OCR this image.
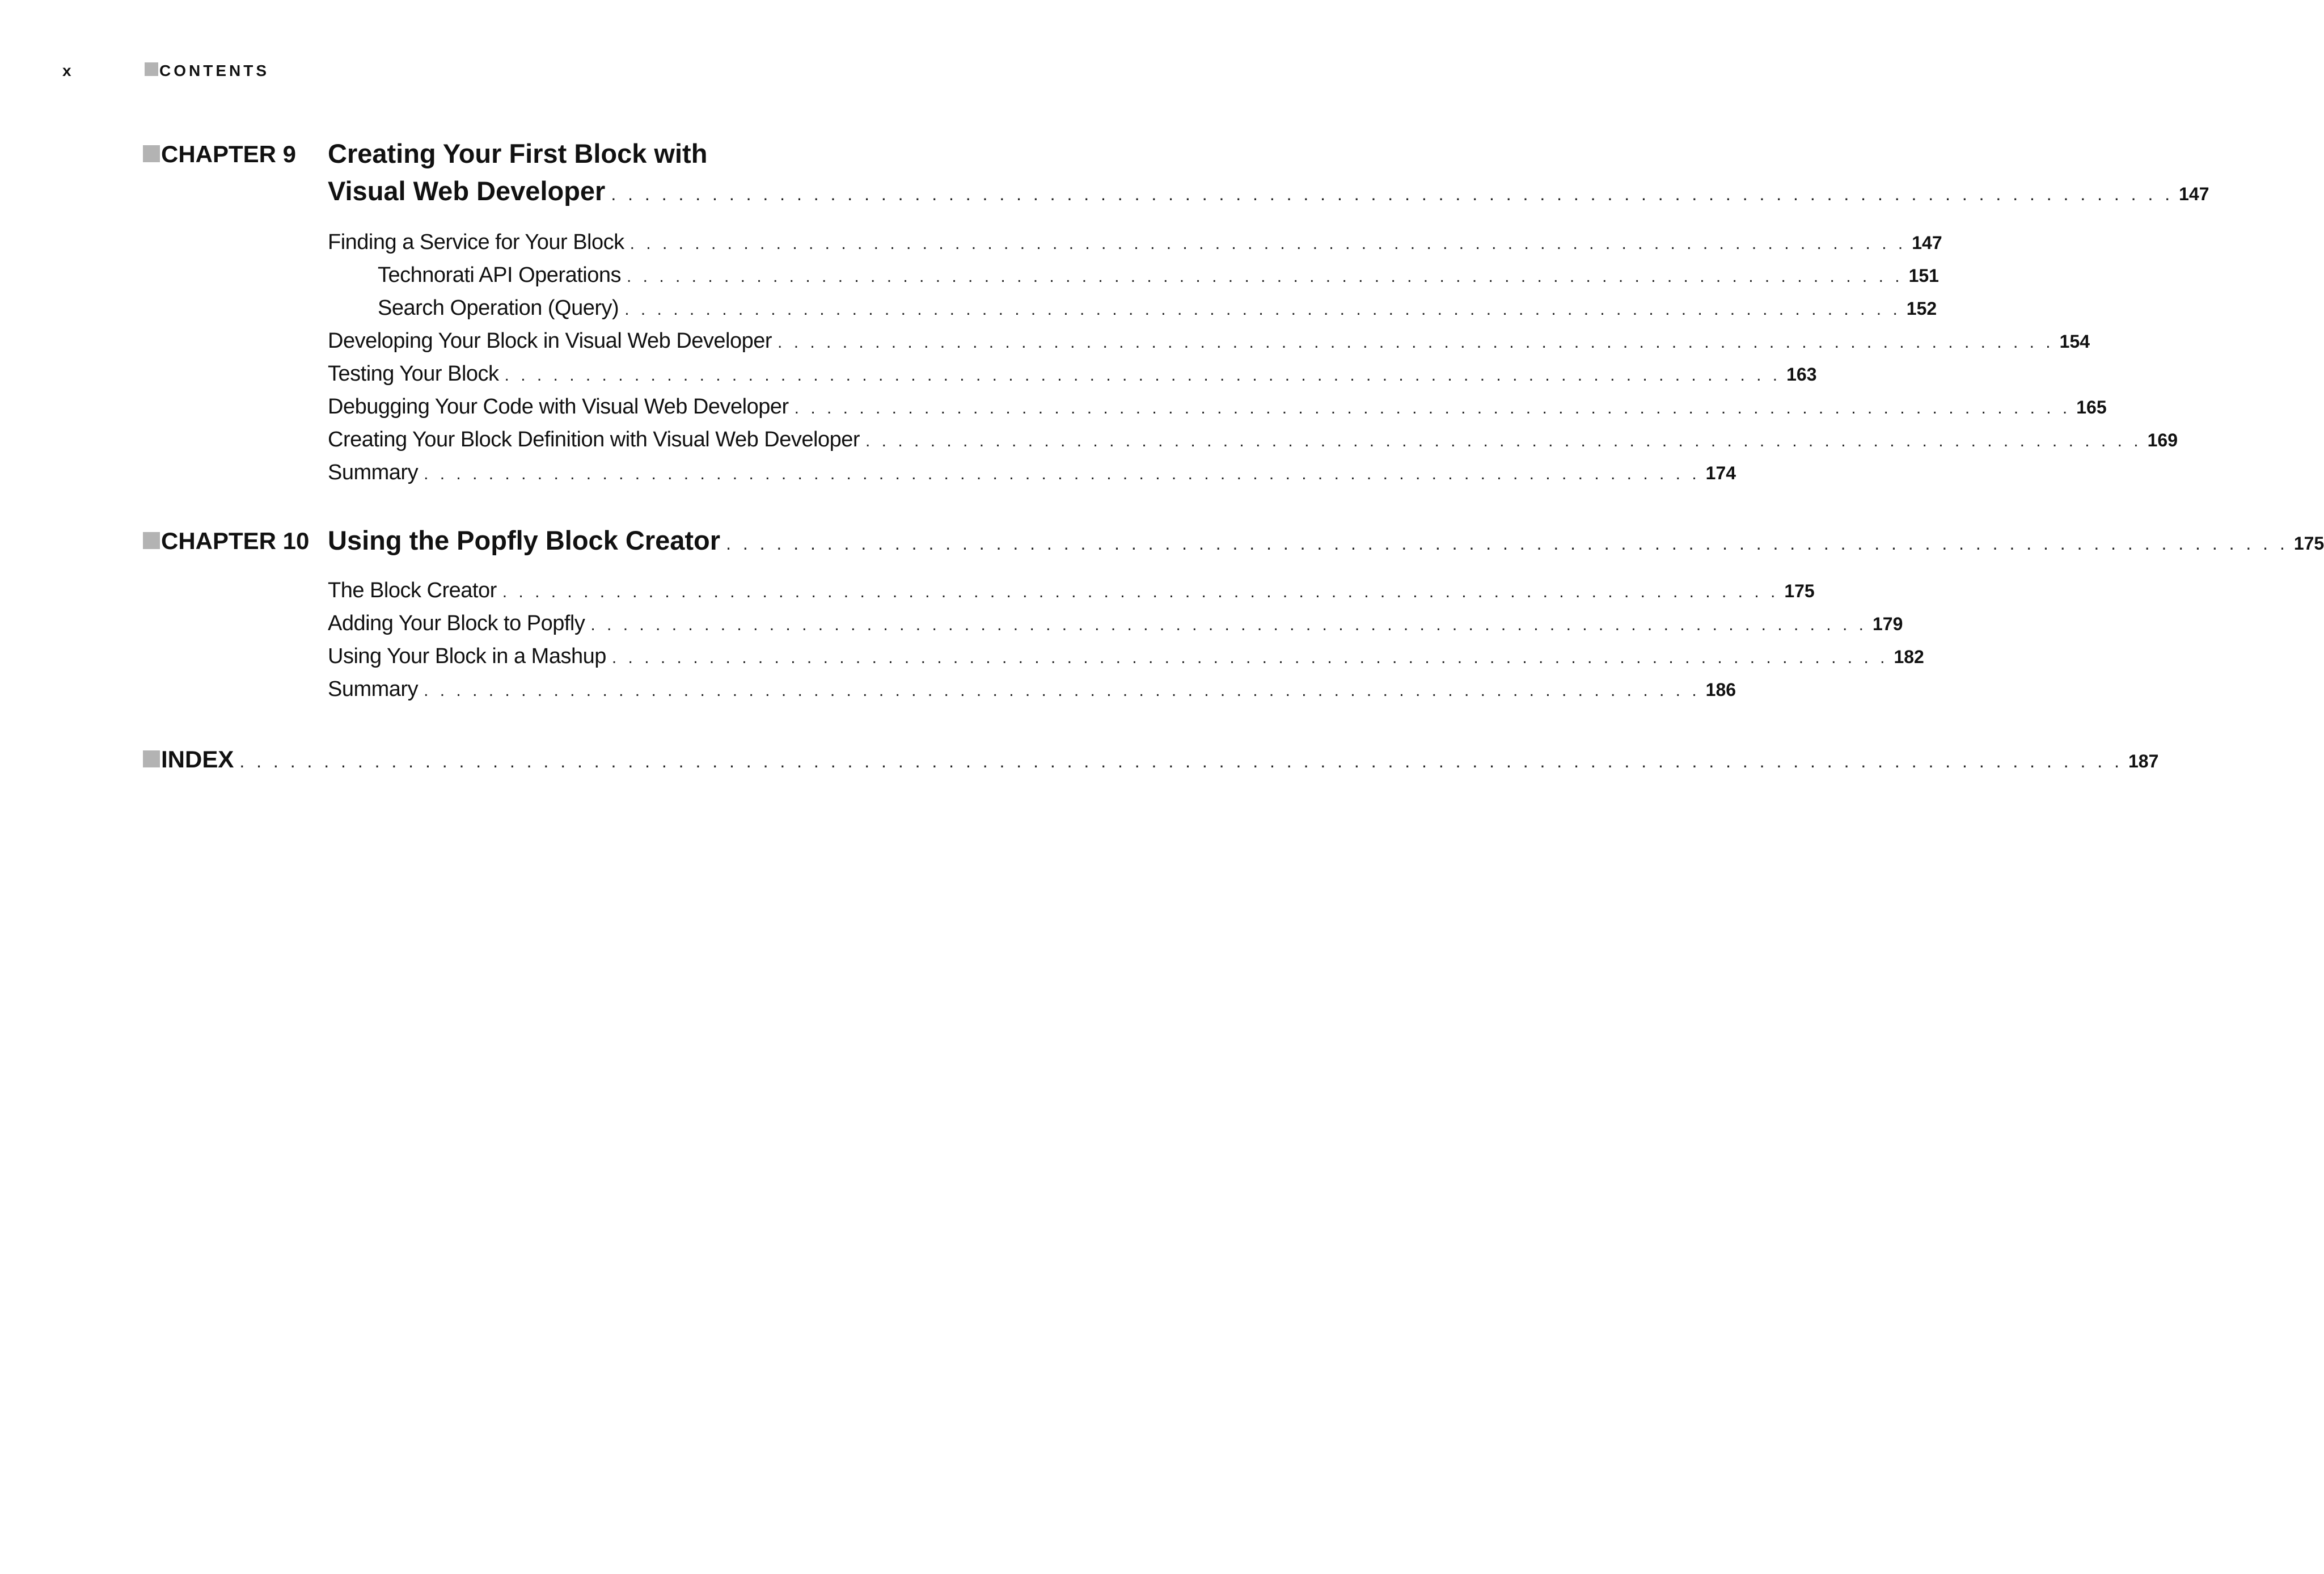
x	CONTENTS
CHAPTER 9 Creating Your First Block with
Visual Web Developer . . . . . . . . . . . . . . . . . . . . . . . . . . . . . . . . . . . . . . . . . . . . . . . . . . . . . . . . . . . . . . . . . . . . . . . . . . . . . . . . . . . . . . . . . . . . . 147
Finding a Service for Your Block . . . . . . . . . . . . . . . . . . . . . . . . . . . . . . . . . . . . . . . . . . . . . . . . . . . . . . . . . . . . . . . . . . . . . . . . . . . . . . . 147
Technorati API Operations . . . . . . . . . . . . . . . . . . . . . . . . . . . . . . . . . . . . . . . . . . . . . . . . . . . . . . . . . . . . . . . . . . . . . . . . . . . . . . . 151
Search Operation (Query) . . . . . . . . . . . . . . . . . . . . . . . . . . . . . . . . . . . . . . . . . . . . . . . . . . . . . . . . . . . . . . . . . . . . . . . . . . . . . . . 152
Developing Your Block in Visual Web Developer . . . . . . . . . . . . . . . . . . . . . . . . . . . . . . . . . . . . . . . . . . . . . . . . . . . . . . . . . . . . . . . . . . . . . . . . . . . . . . . 154
Testing Your Block . . . . . . . . . . . . . . . . . . . . . . . . . . . . . . . . . . . . . . . . . . . . . . . . . . . . . . . . . . . . . . . . . . . . . . . . . . . . . . . 163
Debugging Your Code with Visual Web Developer . . . . . . . . . . . . . . . . . . . . . . . . . . . . . . . . . . . . . . . . . . . . . . . . . . . . . . . . . . . . . . . . . . . . . . . . . . . . . . . 165
Creating Your Block Definition with Visual Web Developer . . . . . . . . . . . . . . . . . . . . . . . . . . . . . . . . . . . . . . . . . . . . . . . . . . . . . . . . . . . . . . . . . . . . . . . . . . . . . . . 169
Summary . . . . . . . . . . . . . . . . . . . . . . . . . . . . . . . . . . . . . . . . . . . . . . . . . . . . . . . . . . . . . . . . . . . . . . . . . . . . . . . 174
CHAPTER 10 Using the Popfly Block Creator . . . . . . . . . . . . . . . . . . . . . . . . . . . . . . . . . . . . . . . . . . . . . . . . . . . . . . . . . . . . . . . . . . . . . . . . . . . . . . . . . . . . . . . . . . . . . 175
The Block Creator . . . . . . . . . . . . . . . . . . . . . . . . . . . . . . . . . . . . . . . . . . . . . . . . . . . . . . . . . . . . . . . . . . . . . . . . . . . . . . . 175
Adding Your Block to Popfly . . . . . . . . . . . . . . . . . . . . . . . . . . . . . . . . . . . . . . . . . . . . . . . . . . . . . . . . . . . . . . . . . . . . . . . . . . . . . . . 179
Using Your Block in a Mashup . . . . . . . . . . . . . . . . . . . . . . . . . . . . . . . . . . . . . . . . . . . . . . . . . . . . . . . . . . . . . . . . . . . . . . . . . . . . . . . 182
Summary . . . . . . . . . . . . . . . . . . . . . . . . . . . . . . . . . . . . . . . . . . . . . . . . . . . . . . . . . . . . . . . . . . . . . . . . . . . . . . . 186
INDEX . . . . . . . . . . . . . . . . . . . . . . . . . . . . . . . . . . . . . . . . . . . . . . . . . . . . . . . . . . . . . . . . . . . . . . . . . . . . . . . . . . . . . . . . . . . . . . . . . . . . . . . . . . . . . . . . 187
